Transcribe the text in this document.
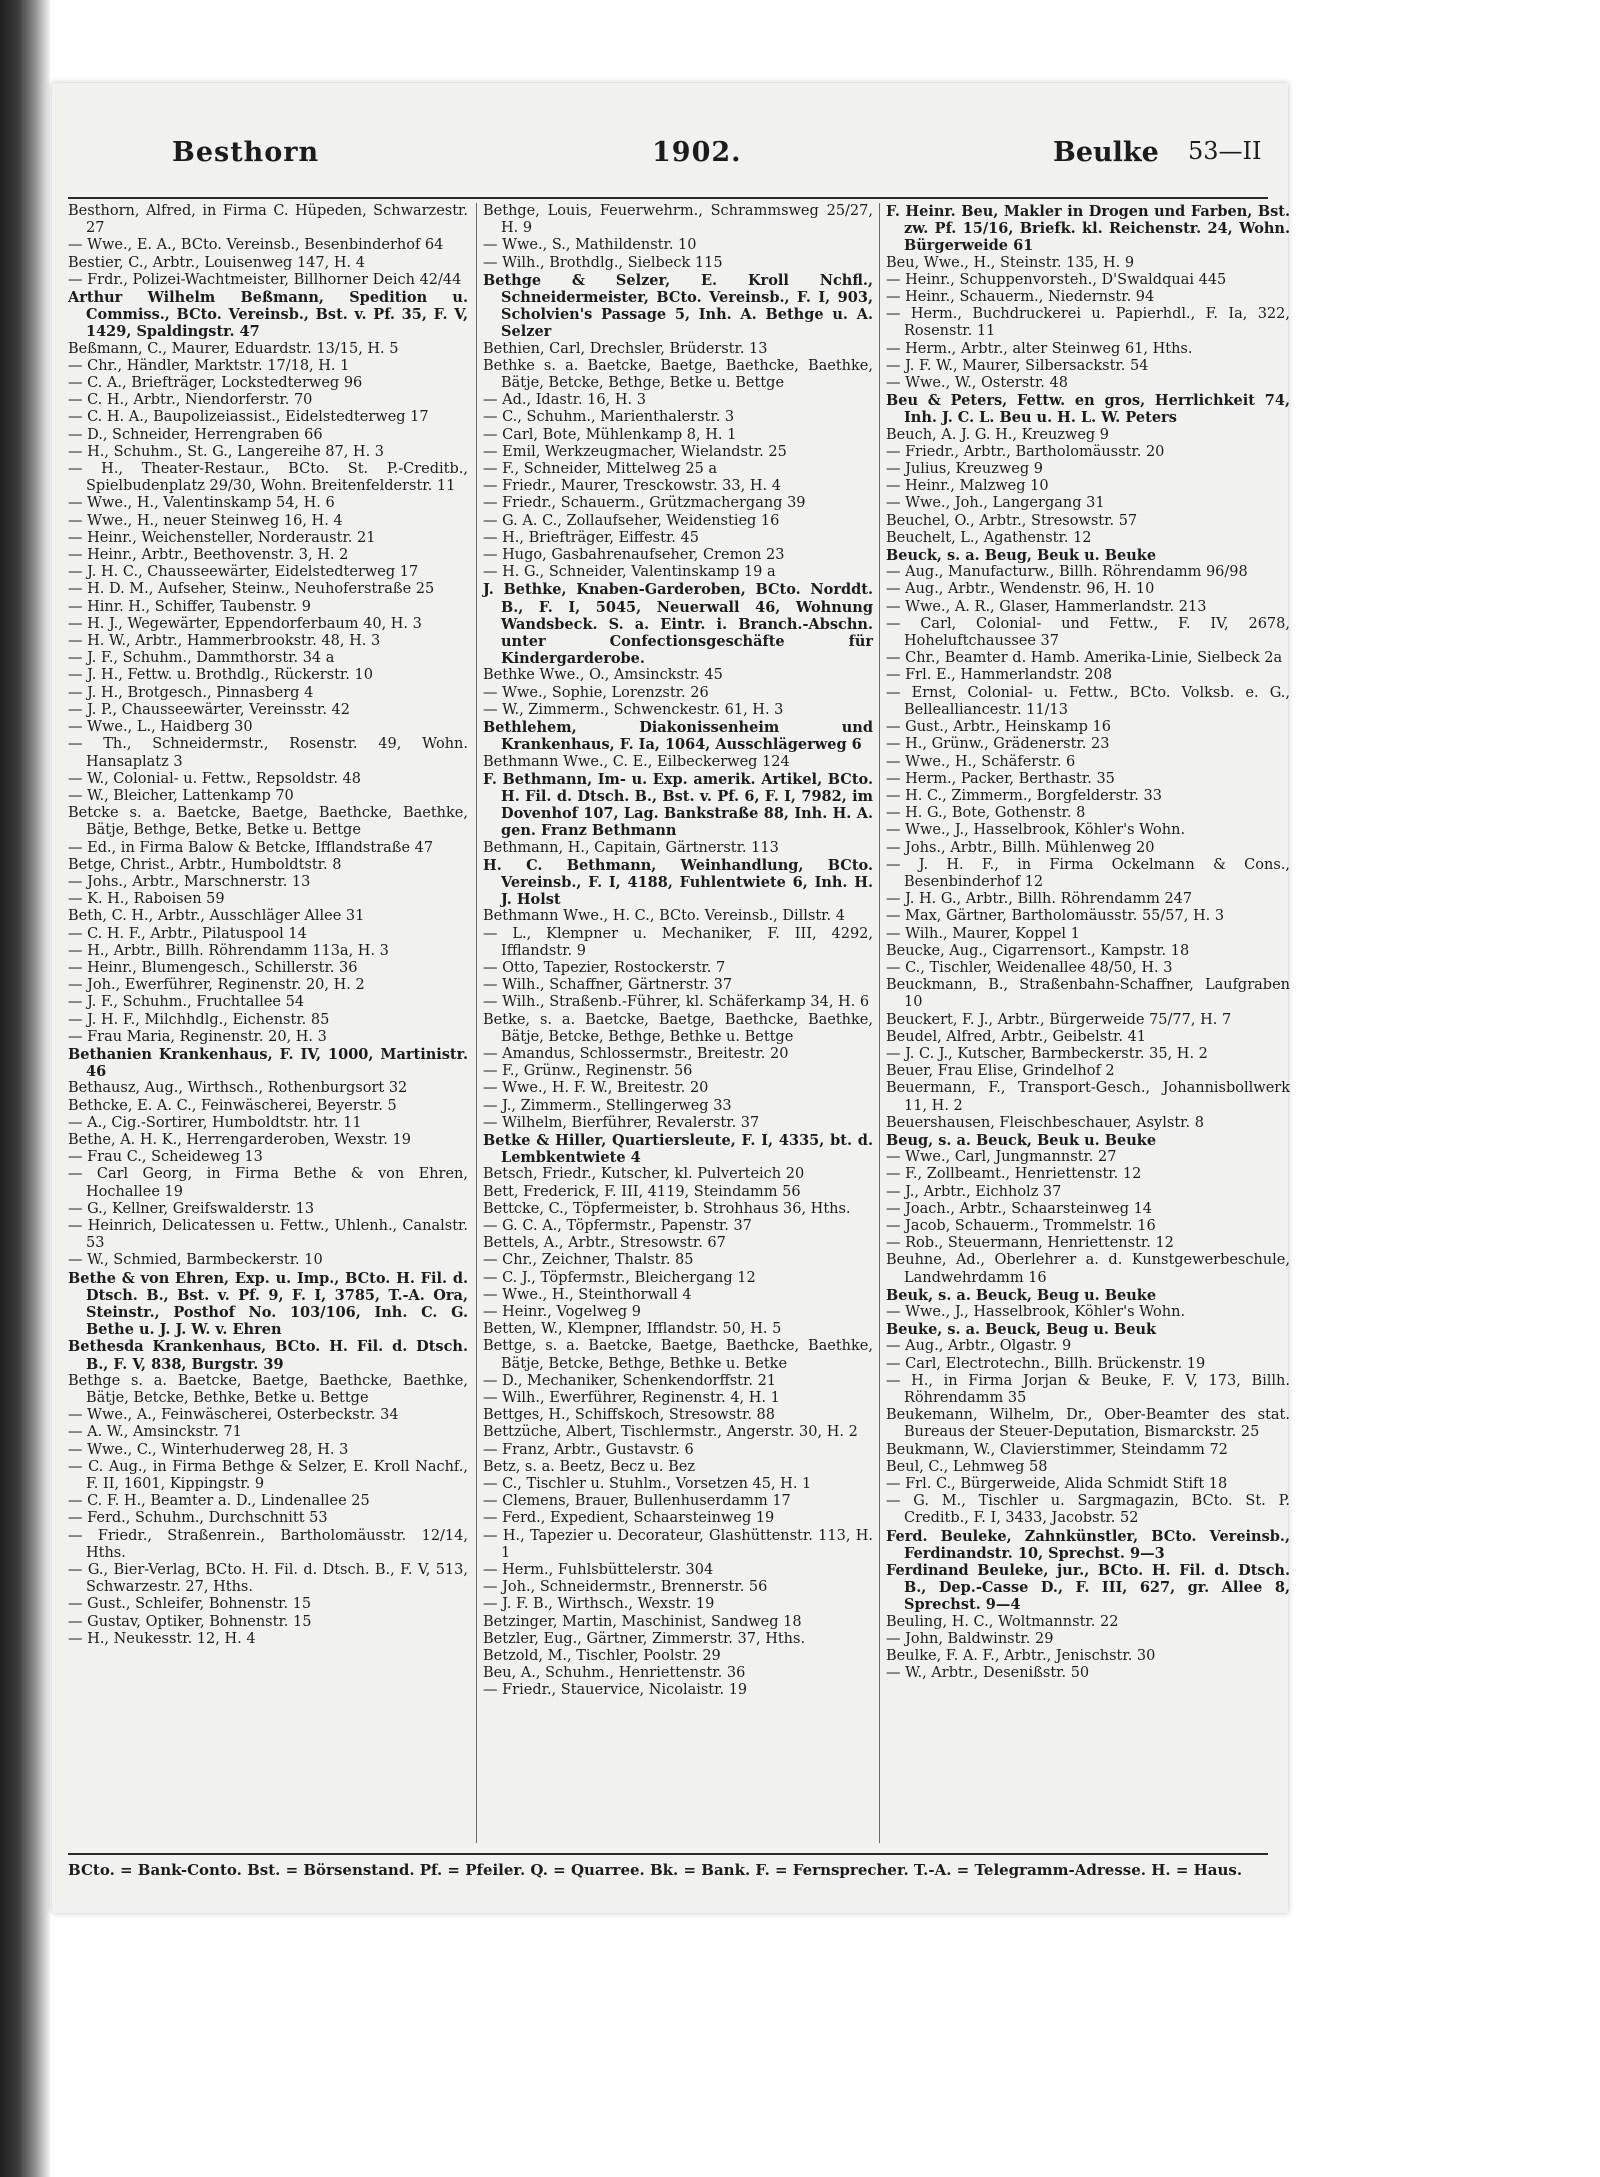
Besthorn	1902.	Beulke 53—II

Besthorn, Alfred, in Firma C. Hüpeden, Schwarzestr. 27

— Wwe., E. A., BCto. Vereinsb., Besenbinderhof 64

Bestier, C., Arbtr., Louisenweg 147, H. 4

— Frdr., Polizei-Wachtmeister, Billhorner Deich 42/44

Arthur Wilhelm Beßmann, Spedition u. Commiss., BCto. Vereinsb., Bst. v. Pf. 35, F. V, 1429, Spaldingstr. 47

Beßmann, C., Maurer, Eduardstr. 13/15, H. 5

— Chr., Händler, Marktstr. 17/18, H. 1

— C. A., Briefträger, Lockstedterweg 96

— C. H., Arbtr., Niendorferstr. 70

— C. H. A., Baupolizeiassist., Eidelstedterweg 17

— D., Schneider, Herrengraben 66

— H., Schuhm., St. G., Langereihe 87, H. 3

— H., Theater-Restaur., BCto. St. P.-Creditb., Spielbudenplatz 29/30, Wohn. Breitenfelderstr. 11

— Wwe., H., Valentinskamp 54, H. 6

— Wwe., H., neuer Steinweg 16, H. 4

— Heinr., Weichensteller, Norderaustr. 21

— Heinr., Arbtr., Beethovenstr. 3, H. 2

— J. H. C., Chausseewärter, Eidelstedterweg 17

— H. D. M., Aufseher, Steinw., Neuhoferstraße 25

— Hinr. H., Schiffer, Taubenstr. 9

— H. J., Wegewärter, Eppendorferbaum 40, H. 3

— H. W., Arbtr., Hammerbrookstr. 48, H. 3

— J. F., Schuhm., Dammthorstr. 34 a

— J. H., Fettw. u. Brothdlg., Rückerstr. 10

— J. H., Brotgesch., Pinnasberg 4

— J. P., Chausseewärter, Vereinsstr. 42

— Wwe., L., Haidberg 30

— Th., Schneidermstr., Rosenstr. 49, Wohn. Hansaplatz 3

— W., Colonial- u. Fettw., Repsoldstr. 48

— W., Bleicher, Lattenkamp 70

Betcke s. a. Baetcke, Baetge, Baethcke, Baethke, Bätje, Bethge, Betke, Betke u. Bettge

— Ed., in Firma Balow & Betcke, Ifflandstraße 47

Betge, Christ., Arbtr., Humboldtstr. 8

— Johs., Arbtr., Marschnerstr. 13

— K. H., Raboisen 59

Beth, C. H., Arbtr., Ausschläger Allee 31

— C. H. F., Arbtr., Pilatuspool 14

— H., Arbtr., Billh. Röhrendamm 113a, H. 3

— Heinr., Blumengesch., Schillerstr. 36

— Joh., Ewerführer, Reginenstr. 20, H. 2

— J. F., Schuhm., Fruchtallee 54

— J. H. F., Milchhdlg., Eichenstr. 85

— Frau Maria, Reginenstr. 20, H. 3

Bethanien Krankenhaus, F. IV, 1000, Martinistr. 46

Bethausz, Aug., Wirthsch., Rothenburgsort 32

Bethcke, E. A. C., Feinwäscherei, Beyerstr. 5

— A., Cig.-Sortirer, Humboldtstr. htr. 11

Bethe, A. H. K., Herrengarderoben, Wexstr. 19

— Frau C., Scheideweg 13

— Carl Georg, in Firma Bethe & von Ehren, Hochallee 19

— G., Kellner, Greifswalderstr. 13

— Heinrich, Delicatessen u. Fettw., Uhlenh., Canalstr. 53

— W., Schmied, Barmbeckerstr. 10

Bethe & von Ehren, Exp. u. Imp., BCto. H. Fil. d. Dtsch. B., Bst. v. Pf. 9, F. I, 3785, T.-A. Ora, Steinstr., Posthof No. 103/106, Inh. C. G. Bethe u. J. J. W. v. Ehren

Bethesda Krankenhaus, BCto. H. Fil. d. Dtsch. B., F. V, 838, Burgstr. 39

Bethge s. a. Baetcke, Baetge, Baethcke, Baethke, Bätje, Betcke, Bethke, Betke u. Bettge

— Wwe., A., Feinwäscherei, Osterbeckstr. 34

— A. W., Amsinckstr. 71

— Wwe., C., Winterhuderweg 28, H. 3

— C. Aug., in Firma Bethge & Selzer, E. Kroll Nachf., F. II, 1601, Kippingstr. 9

— C. F. H., Beamter a. D., Lindenallee 25

— Ferd., Schuhm., Durchschnitt 53

— Friedr., Straßenrein., Bartholomäusstr. 12/14, Hths.

— G., Bier-Verlag, BCto. H. Fil. d. Dtsch. B., F. V, 513, Schwarzestr. 27, Hths.

— Gust., Schleifer, Bohnenstr. 15

— Gustav, Optiker, Bohnenstr. 15

— H., Neukesstr. 12, H. 4

Bethge, Louis, Feuerwehrm., Schrammsweg 25/27, H. 9

— Wwe., S., Mathildenstr. 10

— Wilh., Brothdlg., Sielbeck 115

Bethge & Selzer, E. Kroll Nchfl., Schneidermeister, BCto. Vereinsb., F. I, 903, Scholvien's Passage 5, Inh. A. Bethge u. A. Selzer

Bethien, Carl, Drechsler, Brüderstr. 13

Bethke s. a. Baetcke, Baetge, Baethcke, Baethke, Bätje, Betcke, Bethge, Betke u. Bettge

— Ad., Idastr. 16, H. 3

— C., Schuhm., Marienthalerstr. 3

— Carl, Bote, Mühlenkamp 8, H. 1

— Emil, Werkzeugmacher, Wielandstr. 25

— F., Schneider, Mittelweg 25 a

— Friedr., Maurer, Tresckowstr. 33, H. 4

— Friedr., Schauerm., Grützmachergang 39

— G. A. C., Zollaufseher, Weidenstieg 16

— H., Briefträger, Eiffestr. 45

— Hugo, Gasbahrenaufseher, Cremon 23

— H. G., Schneider, Valentinskamp 19 a

J. Bethke, Knaben-Garderoben, BCto. Norddt. B., F. I, 5045, Neuerwall 46, Wohnung Wandsbeck. S. a. Eintr. i. Branch.-Abschn. unter Confectionsgeschäfte für Kindergarderobe.

Bethke Wwe., O., Amsinckstr. 45

— Wwe., Sophie, Lorenzstr. 26

— W., Zimmerm., Schwenckestr. 61, H. 3

Bethlehem, Diakonissenheim und Krankenhaus, F. Ia, 1064, Ausschlägerweg 6

Bethmann Wwe., C. E., Eilbeckerweg 124

F. Bethmann, Im- u. Exp. amerik. Artikel, BCto. H. Fil. d. Dtsch. B., Bst. v. Pf. 6, F. I, 7982, im Dovenhof 107, Lag. Bankstraße 88, Inh. H. A. gen. Franz Bethmann

Bethmann, H., Capitain, Gärtnerstr. 113

H. C. Bethmann, Weinhandlung, BCto. Vereinsb., F. I, 4188, Fuhlentwiete 6, Inh. H. J. Holst

Bethmann Wwe., H. C., BCto. Vereinsb., Dillstr. 4

— L., Klempner u. Mechaniker, F. III, 4292, Ifflandstr. 9

— Otto, Tapezier, Rostockerstr. 7

— Wilh., Schaffner, Gärtnerstr. 37

— Wilh., Straßenb.-Führer, kl. Schäferkamp 34, H. 6

Betke, s. a. Baetcke, Baetge, Baethcke, Baethke, Bätje, Betcke, Bethge, Bethke u. Bettge

— Amandus, Schlossermstr., Breitestr. 20

— F., Grünw., Reginenstr. 56

— Wwe., H. F. W., Breitestr. 20

— J., Zimmerm., Stellingerweg 33

— Wilhelm, Bierführer, Revalerstr. 37

Betke & Hiller, Quartiersleute, F. I, 4335, bt. d. Lembkentwiete 4

Betsch, Friedr., Kutscher, kl. Pulverteich 20

Bett, Frederick, F. III, 4119, Steindamm 56

Bettcke, C., Töpfermeister, b. Strohhaus 36, Hths.

— G. C. A., Töpfermstr., Papenstr. 37

Bettels, A., Arbtr., Stresowstr. 67

— Chr., Zeichner, Thalstr. 85

— C. J., Töpfermstr., Bleichergang 12

— Wwe., H., Steinthorwall 4

— Heinr., Vogelweg 9

Betten, W., Klempner, Ifflandstr. 50, H. 5

Bettge, s. a. Baetcke, Baetge, Baethcke, Baethke, Bätje, Betcke, Bethge, Bethke u. Betke

— D., Mechaniker, Schenkendorffstr. 21

— Wilh., Ewerführer, Reginenstr. 4, H. 1

Bettges, H., Schiffskoch, Stresowstr. 88

Bettzüche, Albert, Tischlermstr., Angerstr. 30, H. 2

— Franz, Arbtr., Gustavstr. 6

Betz, s. a. Beetz, Becz u. Bez

— C., Tischler u. Stuhlm., Vorsetzen 45, H. 1

— Clemens, Brauer, Bullenhuserdamm 17

— Ferd., Expedient, Schaarsteinweg 19

— H., Tapezier u. Decorateur, Glashüttenstr. 113, H. 1

— Herm., Fuhlsbüttelerstr. 304

— Joh., Schneidermstr., Brennerstr. 56

— J. F. B., Wirthsch., Wexstr. 19

Betzinger, Martin, Maschinist, Sandweg 18

Betzler, Eug., Gärtner, Zimmerstr. 37, Hths.

Betzold, M., Tischler, Poolstr. 29

Beu, A., Schuhm., Henriettenstr. 36

— Friedr., Stauervice, Nicolaistr. 19

F. Heinr. Beu, Makler in Drogen und Farben, Bst. zw. Pf. 15/16, Briefk. kl. Reichenstr. 24, Wohn. Bürgerweide 61

Beu, Wwe., H., Steinstr. 135, H. 9

— Heinr., Schuppenvorsteh., D'Swaldquai 445

— Heinr., Schauerm., Niedernstr. 94

— Herm., Buchdruckerei u. Papierhdl., F. Ia, 322, Rosenstr. 11

— Herm., Arbtr., alter Steinweg 61, Hths.

— J. F. W., Maurer, Silbersackstr. 54

— Wwe., W., Osterstr. 48

Beu & Peters, Fettw. en gros, Herrlichkeit 74, Inh. J. C. L. Beu u. H. L. W. Peters

Beuch, A. J. G. H., Kreuzweg 9

— Friedr., Arbtr., Bartholomäusstr. 20

— Julius, Kreuzweg 9

— Heinr., Malzweg 10

— Wwe., Joh., Langergang 31

Beuchel, O., Arbtr., Stresowstr. 57

Beuchelt, L., Agathenstr. 12

Beuck, s. a. Beug, Beuk u. Beuke

— Aug., Manufacturw., Billh. Röhrendamm 96/98

— Aug., Arbtr., Wendenstr. 96, H. 10

— Wwe., A. R., Glaser, Hammerlandstr. 213

— Carl, Colonial- und Fettw., F. IV, 2678, Hoheluftchaussee 37

— Chr., Beamter d. Hamb. Amerika-Linie, Sielbeck 2a

— Frl. E., Hammerlandstr. 208

— Ernst, Colonial- u. Fettw., BCto. Volksb. e. G., Bellealliancestr. 11/13

— Gust., Arbtr., Heinskamp 16

— H., Grünw., Grädenerstr. 23

— Wwe., H., Schäferstr. 6

— Herm., Packer, Berthastr. 35

— H. C., Zimmerm., Borgfelderstr. 33

— H. G., Bote, Gothenstr. 8

— Wwe., J., Hasselbrook, Köhler's Wohn.

— Johs., Arbtr., Billh. Mühlenweg 20

— J. H. F., in Firma Ockelmann & Cons., Besenbinderhof 12

— J. H. G., Arbtr., Billh. Röhrendamm 247

— Max, Gärtner, Bartholomäusstr. 55/57, H. 3

— Wilh., Maurer, Koppel 1

Beucke, Aug., Cigarrensort., Kampstr. 18

— C., Tischler, Weidenallee 48/50, H. 3

Beuckmann, B., Straßenbahn-Schaffner, Laufgraben 10

Beuckert, F. J., Arbtr., Bürgerweide 75/77, H. 7

Beudel, Alfred, Arbtr., Geibelstr. 41

— J. C. J., Kutscher, Barmbeckerstr. 35, H. 2

Beuer, Frau Elise, Grindelhof 2

Beuermann, F., Transport-Gesch., Johannisbollwerk 11, H. 2

Beuershausen, Fleischbeschauer, Asylstr. 8

Beug, s. a. Beuck, Beuk u. Beuke

— Wwe., Carl, Jungmannstr. 27

— F., Zollbeamt., Henriettenstr. 12

— J., Arbtr., Eichholz 37

— Joach., Arbtr., Schaarsteinweg 14

— Jacob, Schauerm., Trommelstr. 16

— Rob., Steuermann, Henriettenstr. 12

Beuhne, Ad., Oberlehrer a. d. Kunstgewerbeschule, Landwehrdamm 16

Beuk, s. a. Beuck, Beug u. Beuke

— Wwe., J., Hasselbrook, Köhler's Wohn.

Beuke, s. a. Beuck, Beug u. Beuk

— Aug., Arbtr., Olgastr. 9

— Carl, Electrotechn., Billh. Brückenstr. 19

— H., in Firma Jorjan & Beuke, F. V, 173, Billh. Röhrendamm 35

Beukemann, Wilhelm, Dr., Ober-Beamter des stat. Bureaus der Steuer-Deputation, Bismarckstr. 25

Beukmann, W., Clavierstimmer, Steindamm 72

Beul, C., Lehmweg 58

— Frl. C., Bürgerweide, Alida Schmidt Stift 18

— G. M., Tischler u. Sargmagazin, BCto. St. P. Creditb., F. I, 3433, Jacobstr. 52

Ferd. Beuleke, Zahnkünstler, BCto. Vereinsb., Ferdinandstr. 10, Sprechst. 9—3

Ferdinand Beuleke, jur., BCto. H. Fil. d. Dtsch. B., Dep.-Casse D., F. III, 627, gr. Allee 8, Sprechst. 9—4

Beuling, H. C., Woltmannstr. 22

— John, Baldwinstr. 29

Beulke, F. A. F., Arbtr., Jenischstr. 30

— W., Arbtr., Desenißstr. 50

BCto. = Bank-Conto. Bst. = Börsenstand. Pf. = Pfeiler. Q. = Quarree. Bk. = Bank. F. = Fernsprecher. T.-A. = Telegramm-Adresse. H. = Haus.
